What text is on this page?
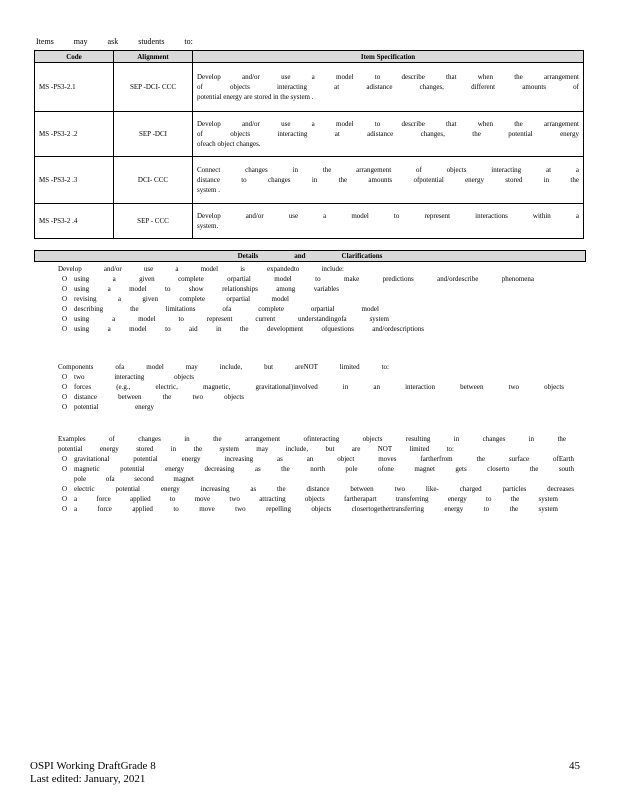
Items may ask students to:
Code	Alignment	Item Specification
MS -PS3-2.1	SEP -DCI- CCC	Develop and/or use a model to describe that when the arrangement
of objects interacting at adistance changes, different amounts of
potential energy are stored in the system .

MS -PS3-2 .2	SEP -DCI	Develop and/or use a model to describe that when the arrangement
of objects interacting at adistance changes, the potential energy
ofeach object changes.

MS -PS3-2 .3	DCI- CCC	Connect changes in the arrangement of objects interacting at a
distance to changes in the amounts ofpotential energy stored in the
system .

MS -PS3-2 .4	SEP - CCC	Develop and/or use a model to represent interactions within a
system.
Details	and	Clarifications
Develop and/or use a model is expandedto include:
O using a given complete orpartial model to make predictions and/ordescribe phenomena
O using a model to show relationships among variables
O revising a given complete orpartial model
O describing the limitations ofa complete orpartial model
O using a model to represent current understandingofa system
O using a model to aid in the development ofquestions and/ordescriptions
Components ofa model may include, but areNOT limited to:
O two interacting objects
O forces (e.g., electric, magnetic, gravitational)involved in an interaction between two objects
O distance between the two objects
O potential energy
Examples of changes in the arrangement ofinteracting objects resulting in changes in the
potential energy stored in the system may include, but are NOT limited to:
O gravitational potential energy increasing as an object moves fartherfrom the surface ofEarth
O magnetic potential energy decreasing as the north pole ofone magnet gets closerto the south
pole ofa second magnet
O electric potential energy increasing as the distance between two like- charged particles decreases
O a force applied to move two attracting objects fartherapart transferring energy to the system
O a force applied to move two repelling objects closertogethertransferring energy to the system
OSPI Working DraftGrade 8
Last edited: January, 2021
45
